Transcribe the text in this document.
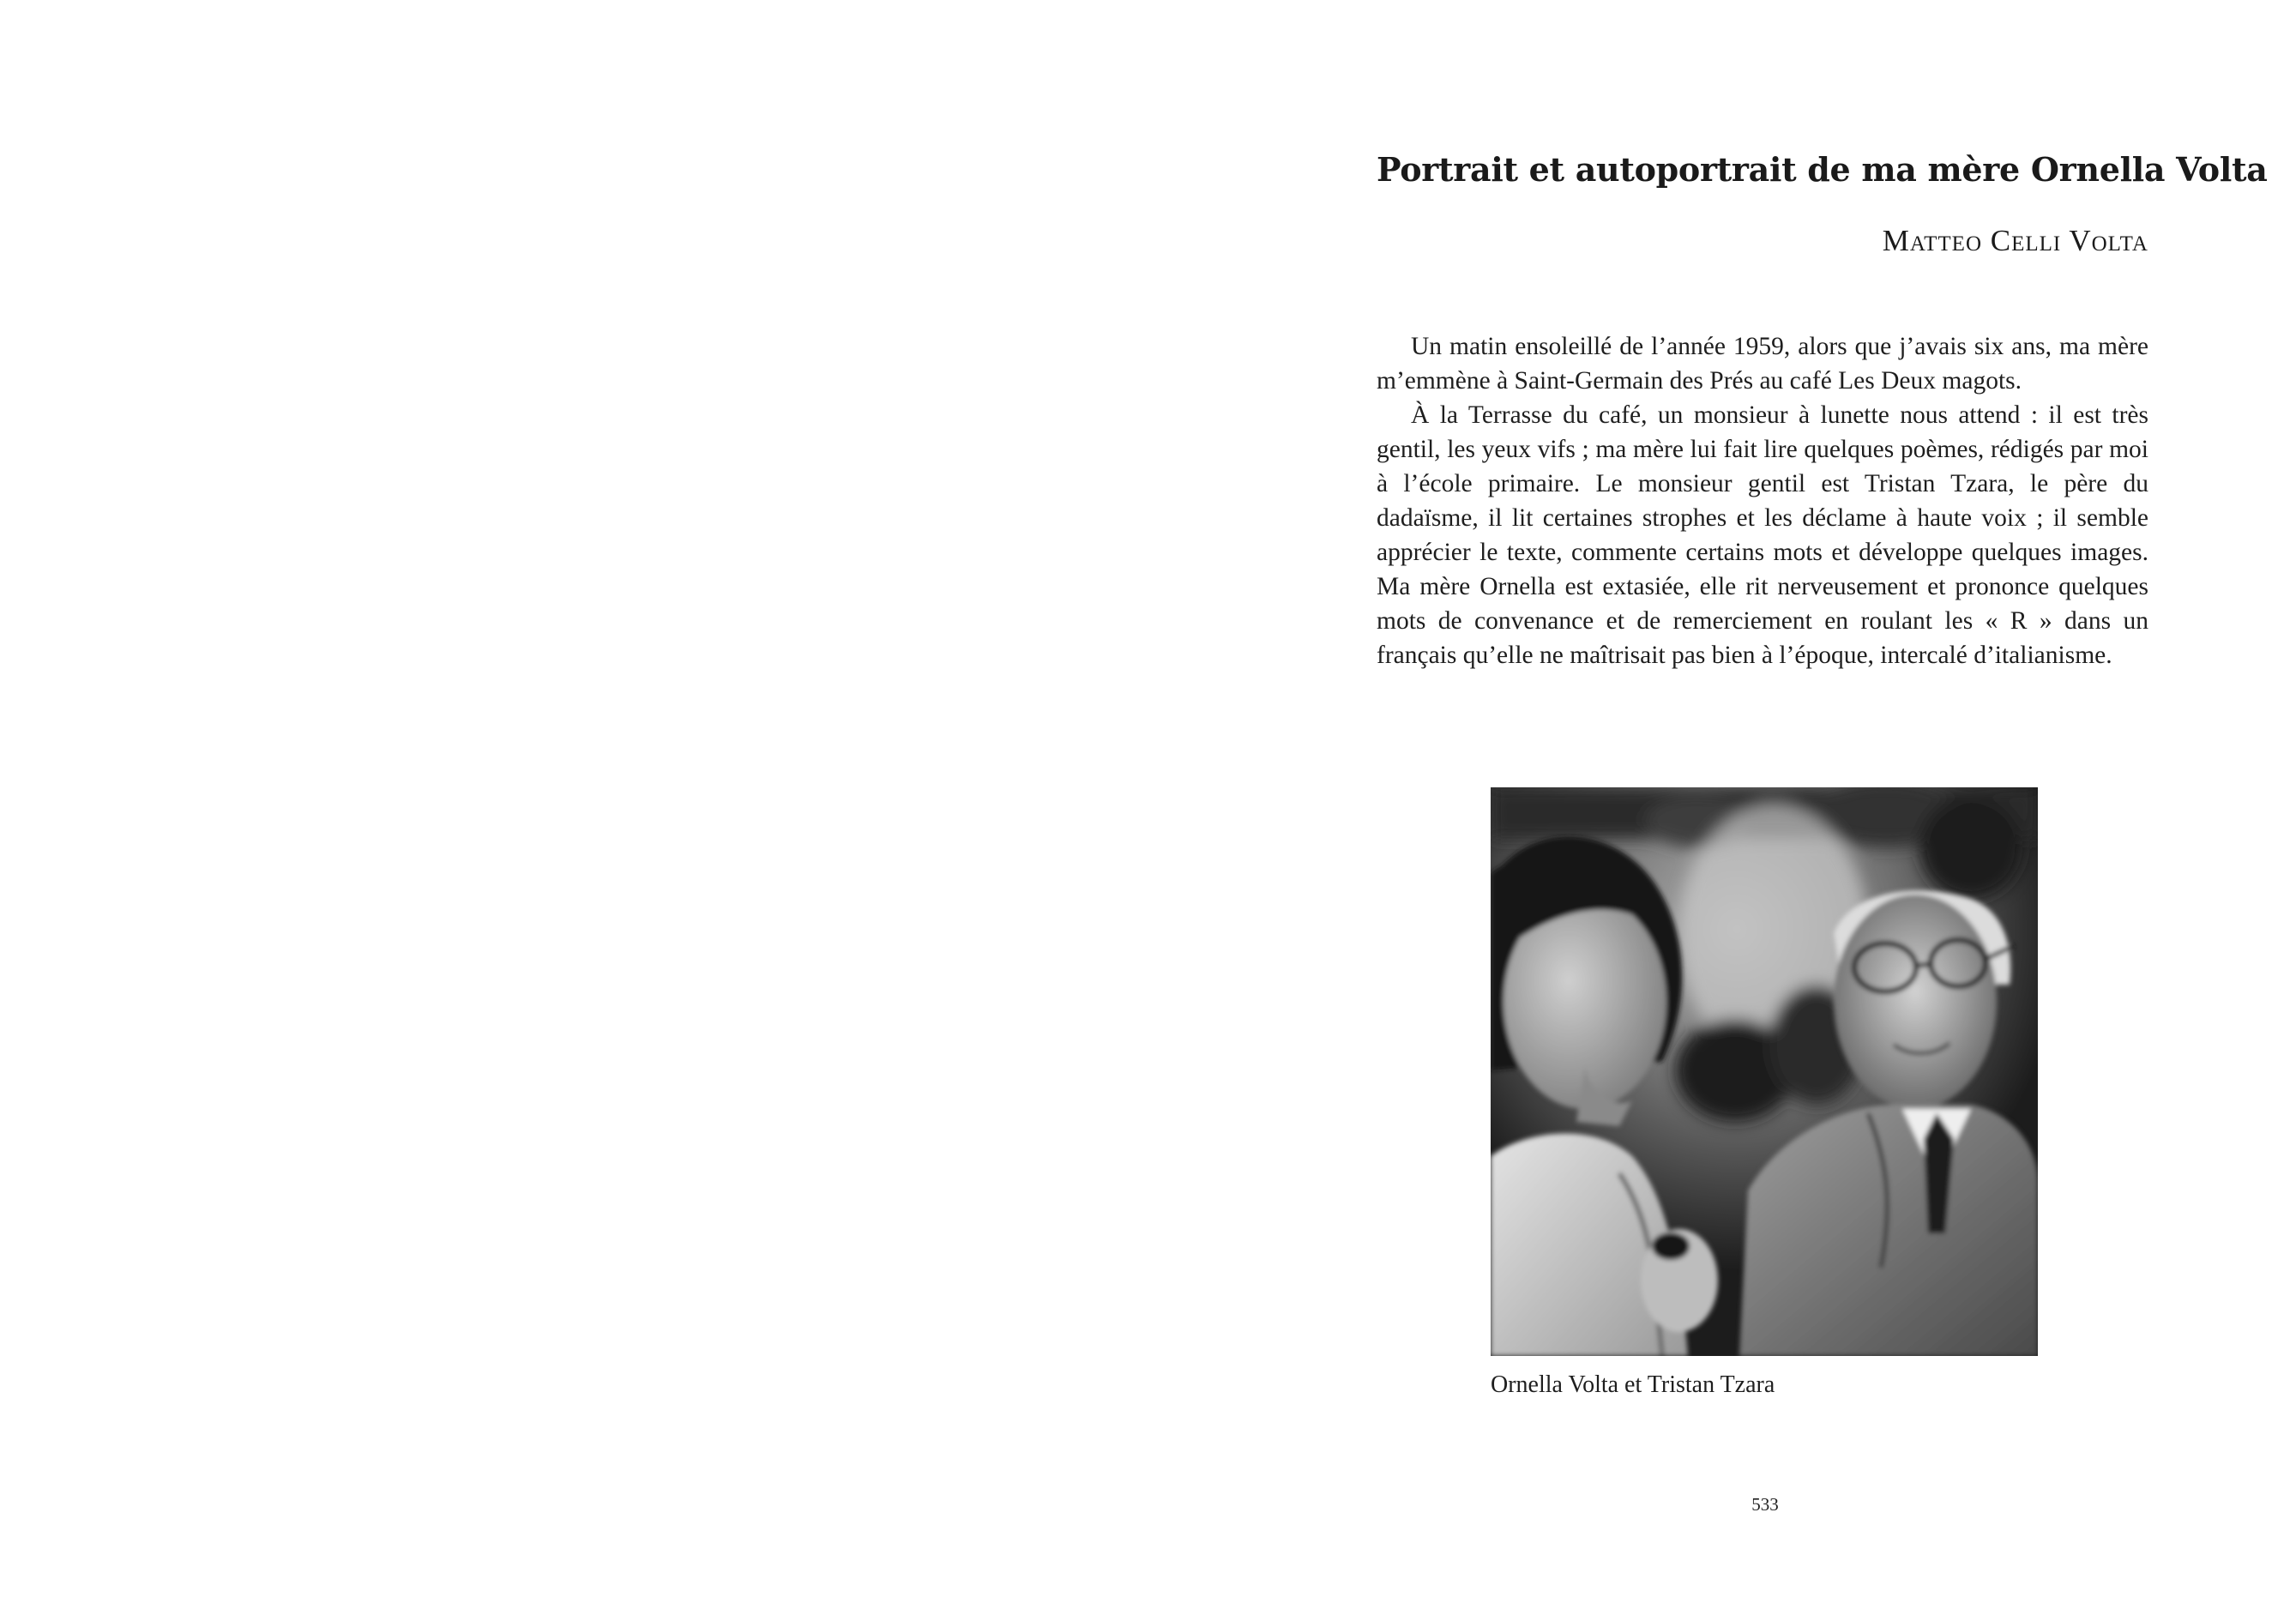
Portrait et autoportrait de ma mère Ornella Volta
Matteo Celli Volta

Un matin ensoleillé de l’année 1959, alors que j’avais six ans, ma mère m’emmène à Saint-Germain des Prés au café Les Deux magots.

À la Terrasse du café, un monsieur à lunette nous attend : il est très gentil, les yeux vifs ; ma mère lui fait lire quelques poèmes, rédigés par moi à l’école primaire. Le monsieur gentil est Tristan Tzara, le père du dadaïsme, il lit certaines strophes et les déclame à haute voix ; il semble apprécier le texte, commente certains mots et développe quelques images. Ma mère Ornella est extasiée, elle rit nerveusement et prononce quelques mots de convenance et de remerciement en roulant les « R » dans un français qu’elle ne maîtrisait pas bien à l’époque, intercalé d’italianisme.

Ornella Volta et Tristan Tzara
533
